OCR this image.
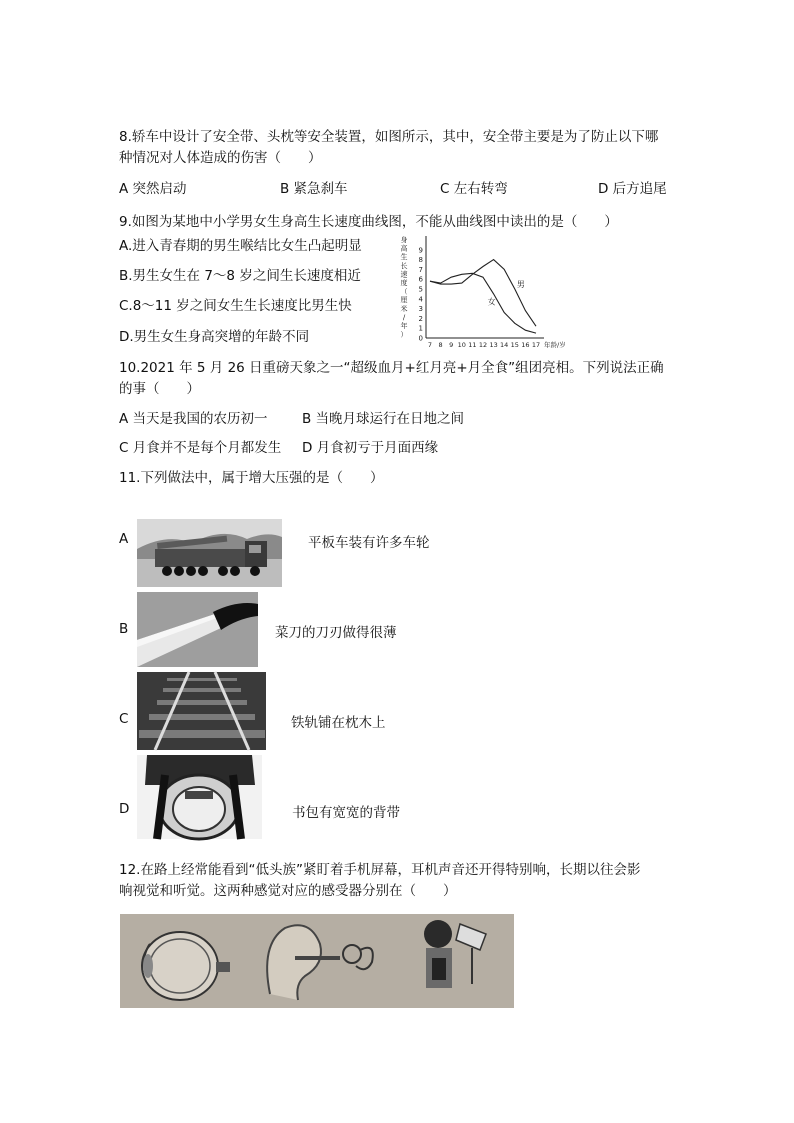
8.轿车中设计了安全带、头枕等安全装置，如图所示，其中，安全带主要是为了防止以下哪
种情况对人体造成的伤害（　　）
A 突然启动	B 紧急刹车	C 左右转弯	D 后方追尾
9.如图为某地中小学男女生身高生长速度曲线图，不能从曲线图中读出的是（　　）
A.进入青春期的男生喉结比女生凸起明显
B.男生女生在 7～8 岁之间生长速度相近
C.8～11 岁之间女生生长速度比男生快
D.男生女生身高突增的年龄不同
身
高
生
长
速
度
（
厘
米
/
年
） 0
1
2
3
4
5
6
7
8
9
7 8 9 10 11 12 13 14 15 16 17 年龄/岁
男
女
10.2021 年 5 月 26 日重磅天象之一“超级血月+红月亮+月全食”组团亮相。下列说法正确
的事（　　）
A 当天是我国的农历初一	B 当晚月球运行在日地之间
C 月食并不是每个月都发生 D 月食初亏于月面西缘
11.下列做法中，属于增大压强的是（　　）
A	平板车装有许多车轮
B	菜刀的刀刃做得很薄
C	铁轨铺在枕木上
D	书包有宽宽的背带
12.在路上经常能看到“低头族”紧盯着手机屏幕，耳机声音还开得特别响，长期以往会影
响视觉和听觉。这两种感觉对应的感受器分别在（　　）
